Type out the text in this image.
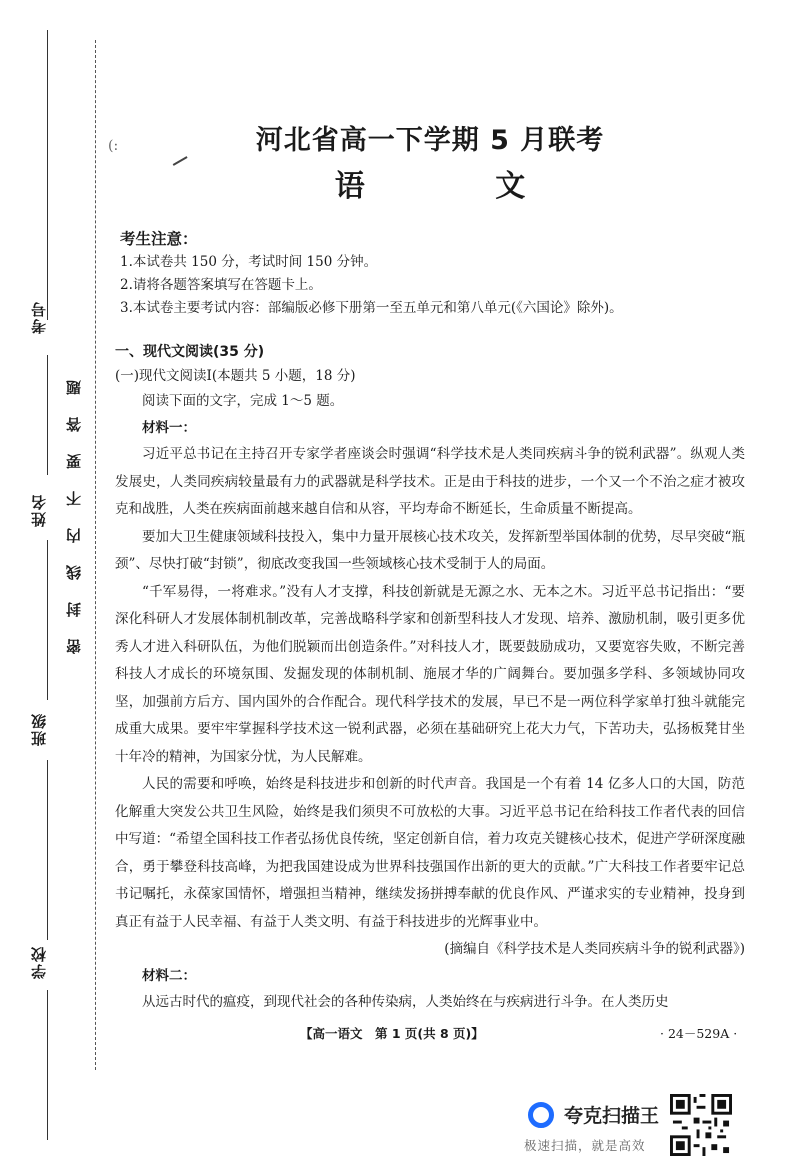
考号
姓名
班级
学校
题
答
要
不
内
线
封
密
(:	河北省高一下学期 5 月联考
语 文

考生注意：

1.本试卷共 150 分，考试时间 150 分钟。

2.请将各题答案填写在答题卡上。

3.本试卷主要考试内容：部编版必修下册第一至五单元和第八单元(《六国论》除外)。

一、现代文阅读(35 分)

(一)现代文阅读Ⅰ(本题共 5 小题，18 分)

阅读下面的文字，完成 1～5 题。

材料一：

习近平总书记在主持召开专家学者座谈会时强调“科学技术是人类同疾病斗争的锐利武器”。纵观人类发展史，人类同疾病较量最有力的武器就是科学技术。正是由于科技的进步，一个又一个不治之症才被攻克和战胜，人类在疾病面前越来越自信和从容，平均寿命不断延长，生命质量不断提高。

要加大卫生健康领域科技投入，集中力量开展核心技术攻关，发挥新型举国体制的优势，尽早突破“瓶颈”、尽快打破“封锁”，彻底改变我国一些领域核心技术受制于人的局面。

“千军易得，一将难求。”没有人才支撑，科技创新就是无源之水、无本之木。习近平总书记指出：“要深化科研人才发展体制机制改革，完善战略科学家和创新型科技人才发现、培养、激励机制，吸引更多优秀人才进入科研队伍，为他们脱颖而出创造条件。”对科技人才，既要鼓励成功，又要宽容失败，不断完善科技人才成长的环境氛围、发掘发现的体制机制、施展才华的广阔舞台。要加强多学科、多领域协同攻坚，加强前方后方、国内国外的合作配合。现代科学技术的发展，早已不是一两位科学家单打独斗就能完成重大成果。要牢牢掌握科学技术这一锐利武器，必须在基础研究上花大力气，下苦功夫，弘扬板凳甘坐十年冷的精神，为国家分忧，为人民解难。

人民的需要和呼唤，始终是科技进步和创新的时代声音。我国是一个有着 14 亿多人口的大国，防范化解重大突发公共卫生风险，始终是我们须臾不可放松的大事。习近平总书记在给科技工作者代表的回信中写道：“希望全国科技工作者弘扬优良传统，坚定创新自信，着力攻克关键核心技术，促进产学研深度融合，勇于攀登科技高峰，为把我国建设成为世界科技强国作出新的更大的贡献。”广大科技工作者要牢记总书记嘱托，永葆家国情怀，增强担当精神，继续发扬拼搏奉献的优良作风、严谨求实的专业精神，投身到真正有益于人民幸福、有益于人类文明、有益于科技进步的光辉事业中。

(摘编自《科学技术是人类同疾病斗争的锐利武器》)

材料二：

从远古时代的瘟疫，到现代社会的各种传染病，人类始终在与疾病进行斗争。在人类历史

【高一语文　第 1 页(共 8 页)】	· 24－529A ·
夸克扫描王
极速扫描，就是高效
